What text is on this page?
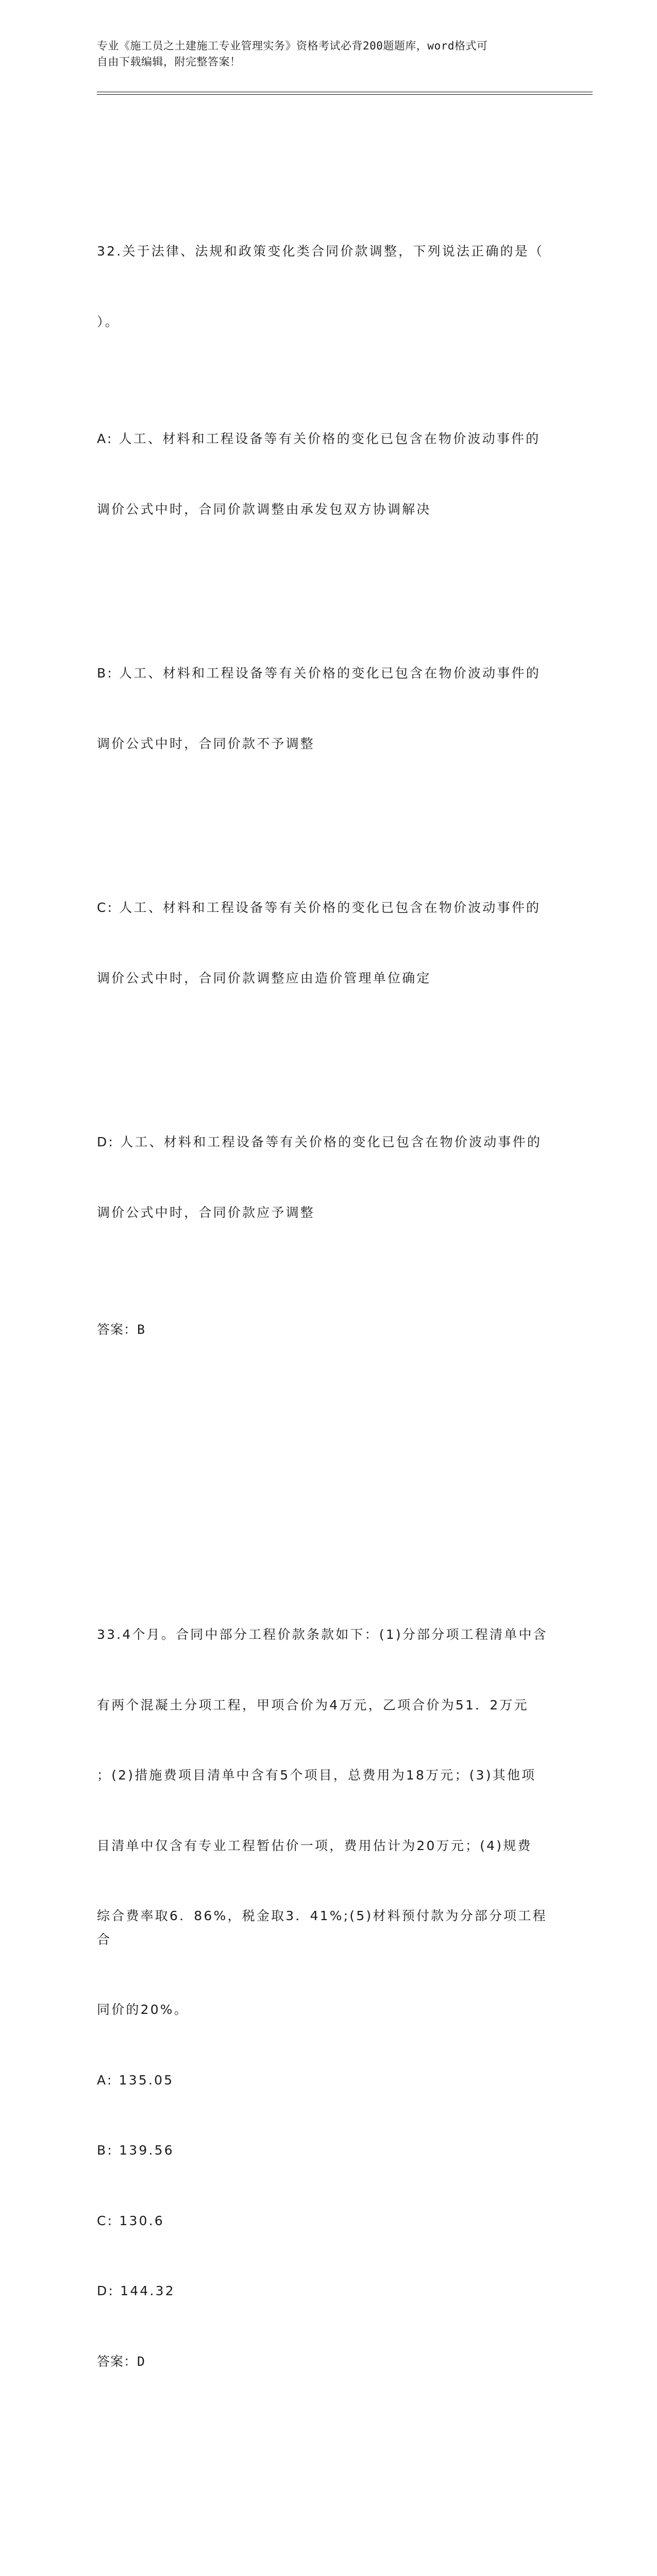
专业《施工员之土建施工专业管理实务》资格考试必背200题题库，word格式可
自由下载编辑，附完整答案！

32.关于法律、法规和政策变化类合同价款调整，下列说法正确的是（

）。

A: 人工、材料和工程设备等有关价格的变化已包含在物价波动事件的

调价公式中时，合同价款调整由承发包双方协调解决

B: 人工、材料和工程设备等有关价格的变化已包含在物价波动事件的

调价公式中时，合同价款不予调整

C: 人工、材料和工程设备等有关价格的变化已包含在物价波动事件的

调价公式中时，合同价款调整应由造价管理单位确定

D: 人工、材料和工程设备等有关价格的变化已包含在物价波动事件的

调价公式中时，合同价款应予调整

答案：B

33.4个月。合同中部分工程价款条款如下：(1)分部分项工程清单中含

有两个混凝土分项工程，甲项合价为4万元，乙项合价为51．2万元

；(2)措施费项目清单中含有5个项目，总费用为18万元；(3)其他项

目清单中仅含有专业工程暂估价一项，费用估计为20万元；(4)规费

综合费率取6．86%，税金取3．41%;(5)材料预付款为分部分项工程合

同价的20%。

A: 135.05

B: 139.56

C: 130.6

D: 144.32

答案：D
